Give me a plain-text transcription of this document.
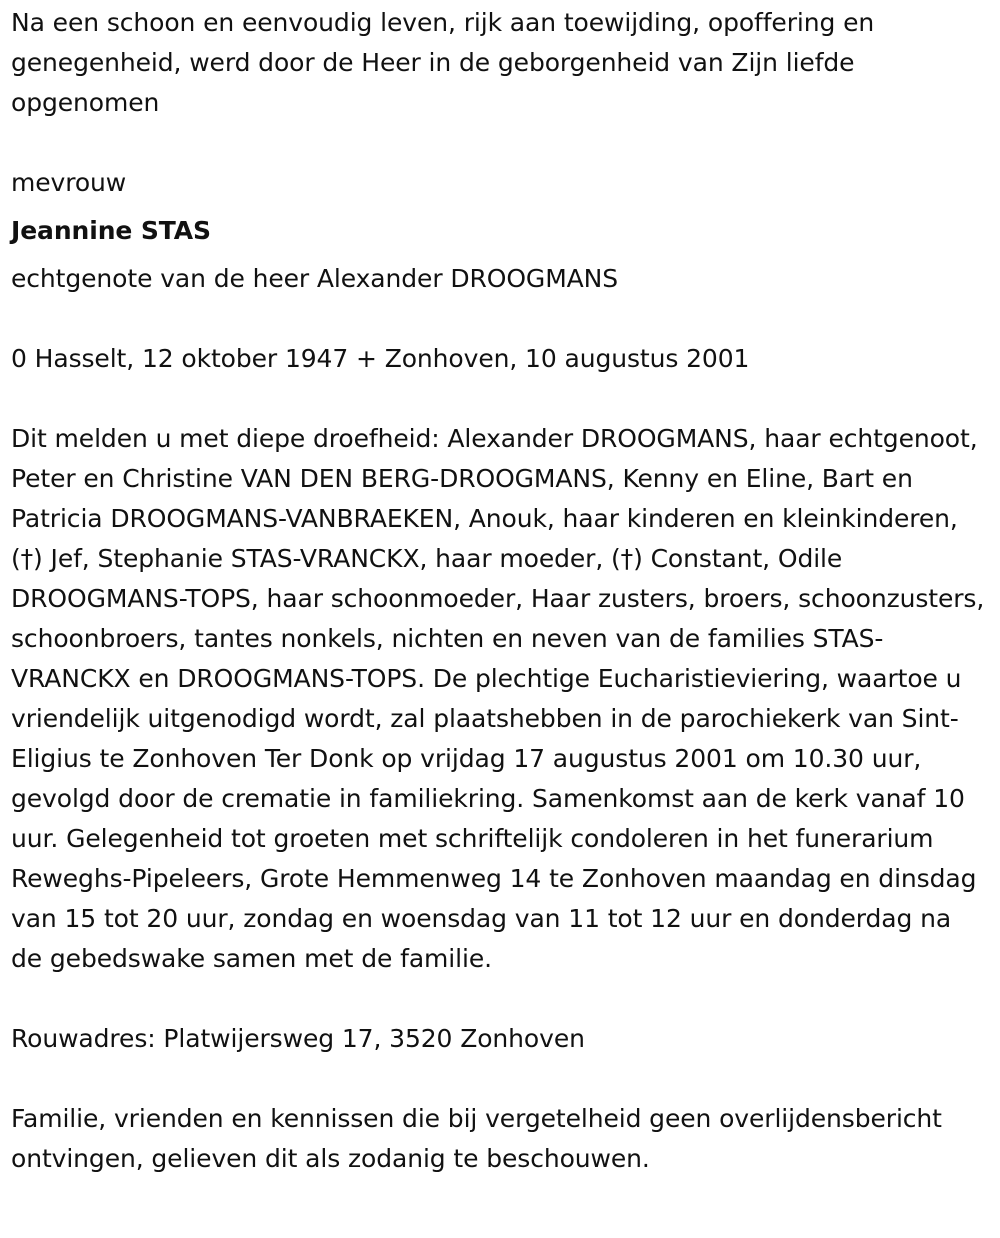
Na een schoon en eenvoudig leven, rijk aan toewijding, opoffering en genegenheid, werd door de Heer in de geborgenheid van Zijn liefde opgenomen

mevrouw

Jeannine STAS

echtgenote van de heer Alexander DROOGMANS

0 Hasselt, 12 oktober 1947 + Zonhoven, 10 augustus 2001

Dit melden u met diepe droefheid: Alexander DROOGMANS, haar echtgenoot, Peter en Christine VAN DEN BERG-DROOGMANS, Kenny en Eline, Bart en Patricia DROOGMANS-VANBRAEKEN, Anouk, haar kinderen en kleinkinderen, (†) Jef, Stephanie STAS-VRANCKX, haar moeder, (†) Constant, Odile DROOGMANS-TOPS, haar schoonmoeder, Haar zusters, broers, schoonzusters, schoonbroers, tantes nonkels, nichten en neven van de families STAS-VRANCKX en DROOGMANS-TOPS. De plechtige Eucharistieviering, waartoe u vriendelijk uitgenodigd wordt, zal plaatshebben in de parochiekerk van Sint-Eligius te Zonhoven Ter Donk op vrijdag 17 augustus 2001 om 10.30 uur, gevolgd door de crematie in familiekring. Samenkomst aan de kerk vanaf 10 uur. Gelegenheid tot groeten met schriftelijk condoleren in het funerarium Reweghs-Pipeleers, Grote Hemmenweg 14 te Zonhoven maandag en dinsdag van 15 tot 20 uur, zondag en woensdag van 11 tot 12 uur en donderdag na de gebedswake samen met de familie.

Rouwadres: Platwijersweg 17, 3520 Zonhoven

Familie, vrienden en kennissen die bij vergetelheid geen overlijdensbericht ontvingen, gelieven dit als zodanig te beschouwen.
